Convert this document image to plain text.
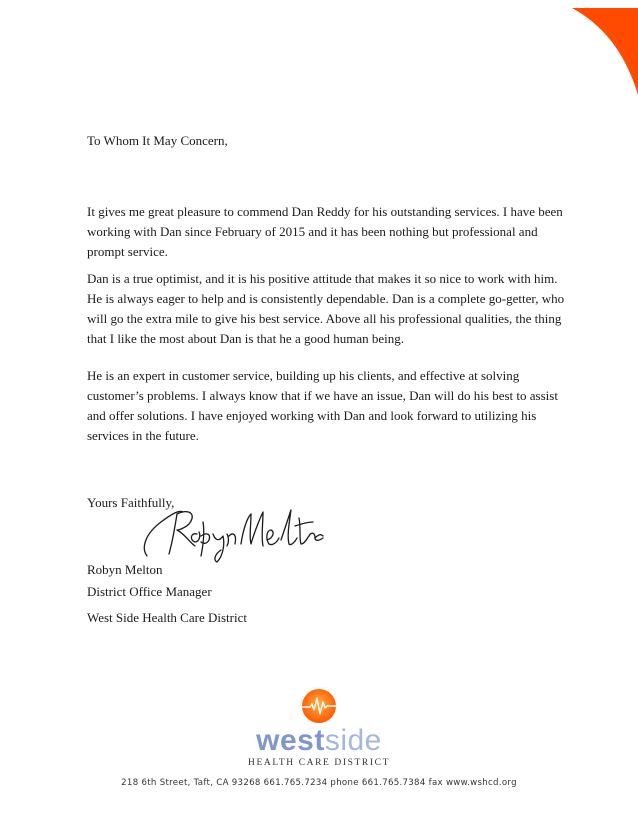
To Whom It May Concern,

It gives me great pleasure to commend Dan Reddy for his outstanding services. I have been working with Dan since February of 2015 and it has been nothing but professional and prompt service.

Dan is a true optimist, and it is his positive attitude that makes it so nice to work with him. He is always eager to help and is consistently dependable. Dan is a complete go-getter, who will go the extra mile to give his best service. Above all his professional qualities, the thing that I like the most about Dan is that he a good human being.

He is an expert in customer service, building up his clients, and effective at solving customer’s problems. I always know that if we have an issue, Dan will do his best to assist and offer solutions. I have enjoyed working with Dan and look forward to utilizing his services in the future.

Yours Faithfully,
Robyn Melton
District Office Manager
West Side Health Care District
westside
HEALTH CARE DISTRICT
218 6th Street, Taft, CA 93268 661.765.7234 phone 661.765.7384 fax www.wshcd.org
